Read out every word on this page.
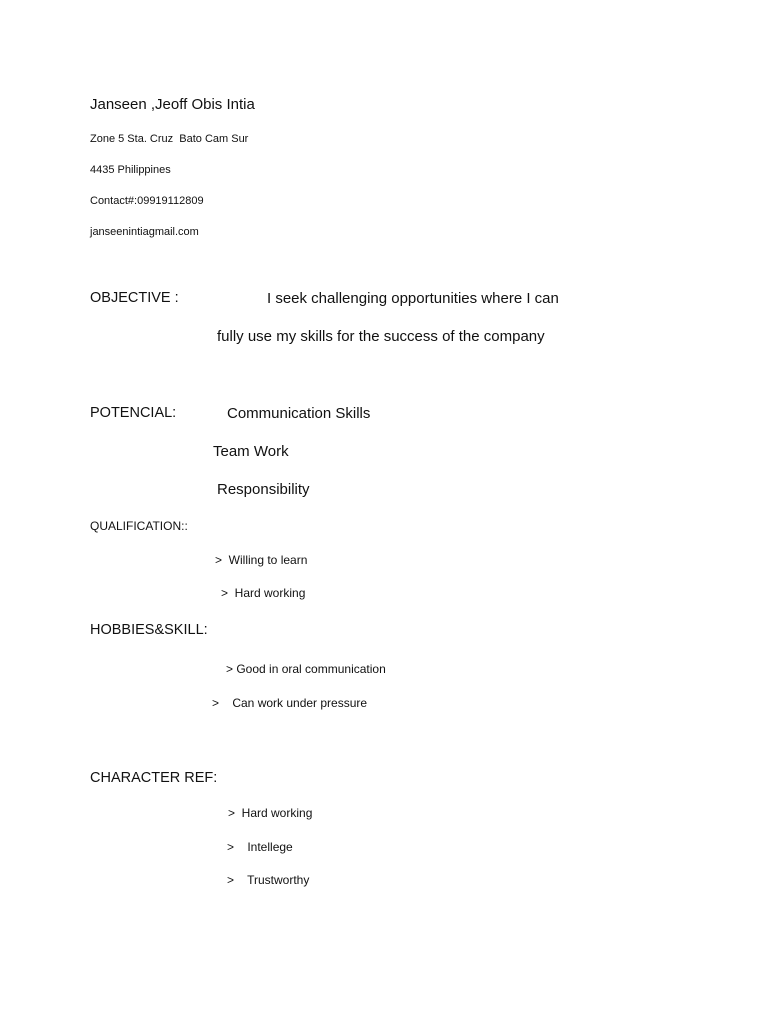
Janseen ,Jeoff Obis Intia
Zone 5 Sta. Cruz  Bato Cam Sur
4435 Philippines
Contact#:09919112809
janseenintiagmail.com
OBJECTIVE :	I seek challenging opportunities where I can
fully use my skills for the success of the company
POTENCIAL:	Communication Skills
Team Work
Responsibility
QUALIFICATION::
>  Willing to learn
>  Hard working
HOBBIES&SKILL:
> Good in oral communication
>    Can work under pressure
CHARACTER REF:
>  Hard working
>    Intellege
>    Trustworthy
